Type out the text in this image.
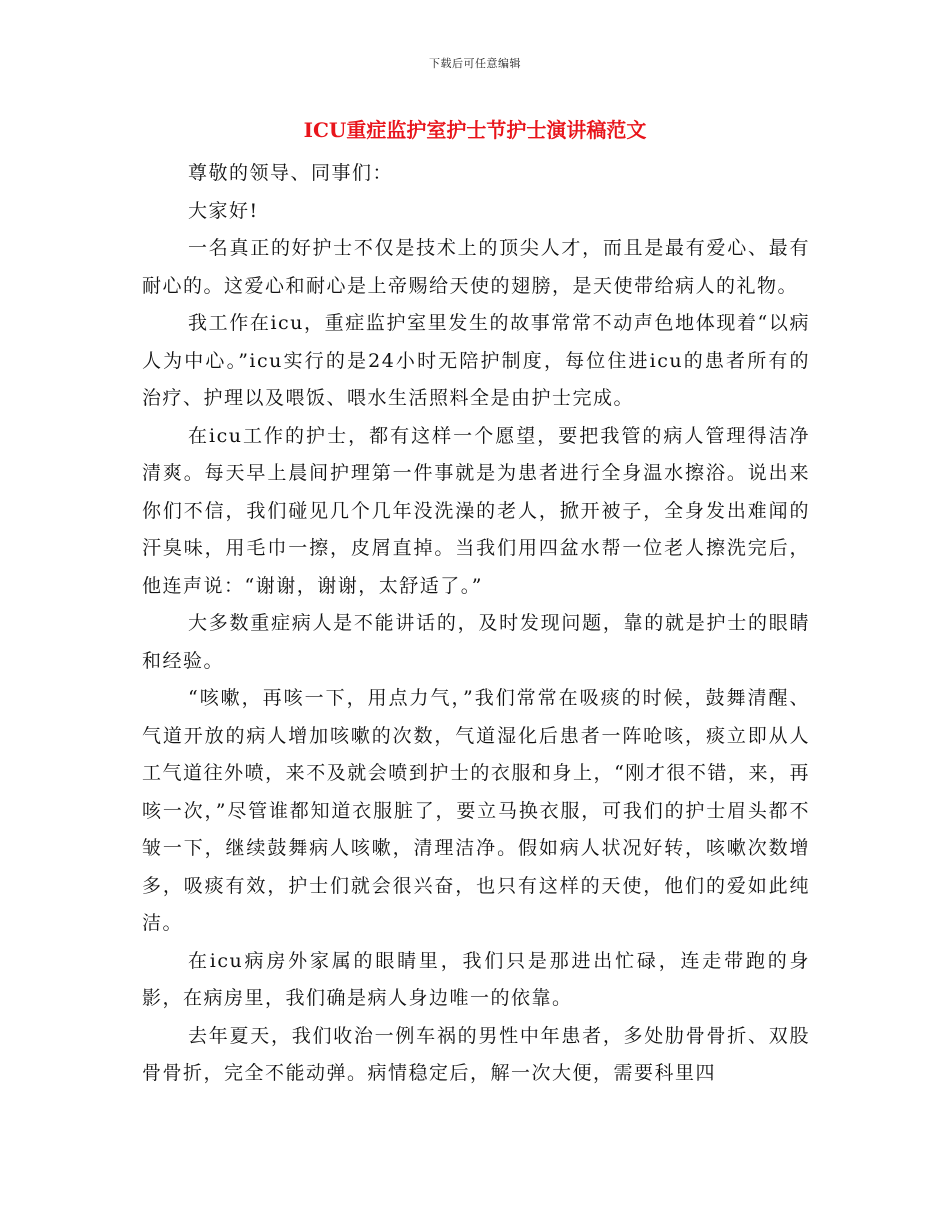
下载后可任意编辑
ICU重症监护室护士节护士演讲稿范文

尊敬的领导、同事们：

大家好!

一名真正的好护士不仅是技术上的顶尖人才，而且是最有爱心、最有耐心的。这爱心和耐心是上帝赐给天使的翅膀，是天使带给病人的礼物。

我工作在icu，重症监护室里发生的故事常常不动声色地体现着“以病人为中心。”icu实行的是24小时无陪护制度，每位住进icu的患者所有的治疗、护理以及喂饭、喂水生活照料全是由护士完成。

在icu工作的护士，都有这样一个愿望，要把我管的病人管理得洁净清爽。每天早上晨间护理第一件事就是为患者进行全身温水擦浴。说出来你们不信，我们碰见几个几年没洗澡的老人，掀开被子，全身发出难闻的汗臭味，用毛巾一擦，皮屑直掉。当我们用四盆水帮一位老人擦洗完后，他连声说：“谢谢，谢谢，太舒适了。”

大多数重症病人是不能讲话的，及时发现问题，靠的就是护士的眼睛和经验。

“咳嗽，再咳一下，用点力气，”我们常常在吸痰的时候，鼓舞清醒、气道开放的病人增加咳嗽的次数，气道湿化后患者一阵呛咳，痰立即从人工气道往外喷，来不及就会喷到护士的衣服和身上，“刚才很不错，来，再咳一次，”尽管谁都知道衣服脏了，要立马换衣服，可我们的护士眉头都不皱一下，继续鼓舞病人咳嗽，清理洁净。假如病人状况好转，咳嗽次数增多，吸痰有效，护士们就会很兴奋，也只有这样的天使，他们的爱如此纯洁。

在icu病房外家属的眼睛里，我们只是那进出忙碌，连走带跑的身影，在病房里，我们确是病人身边唯一的依靠。

去年夏天，我们收治一例车祸的男性中年患者，多处肋骨骨折、双股骨骨折，完全不能动弹。病情稳定后，解一次大便，需要科里四
